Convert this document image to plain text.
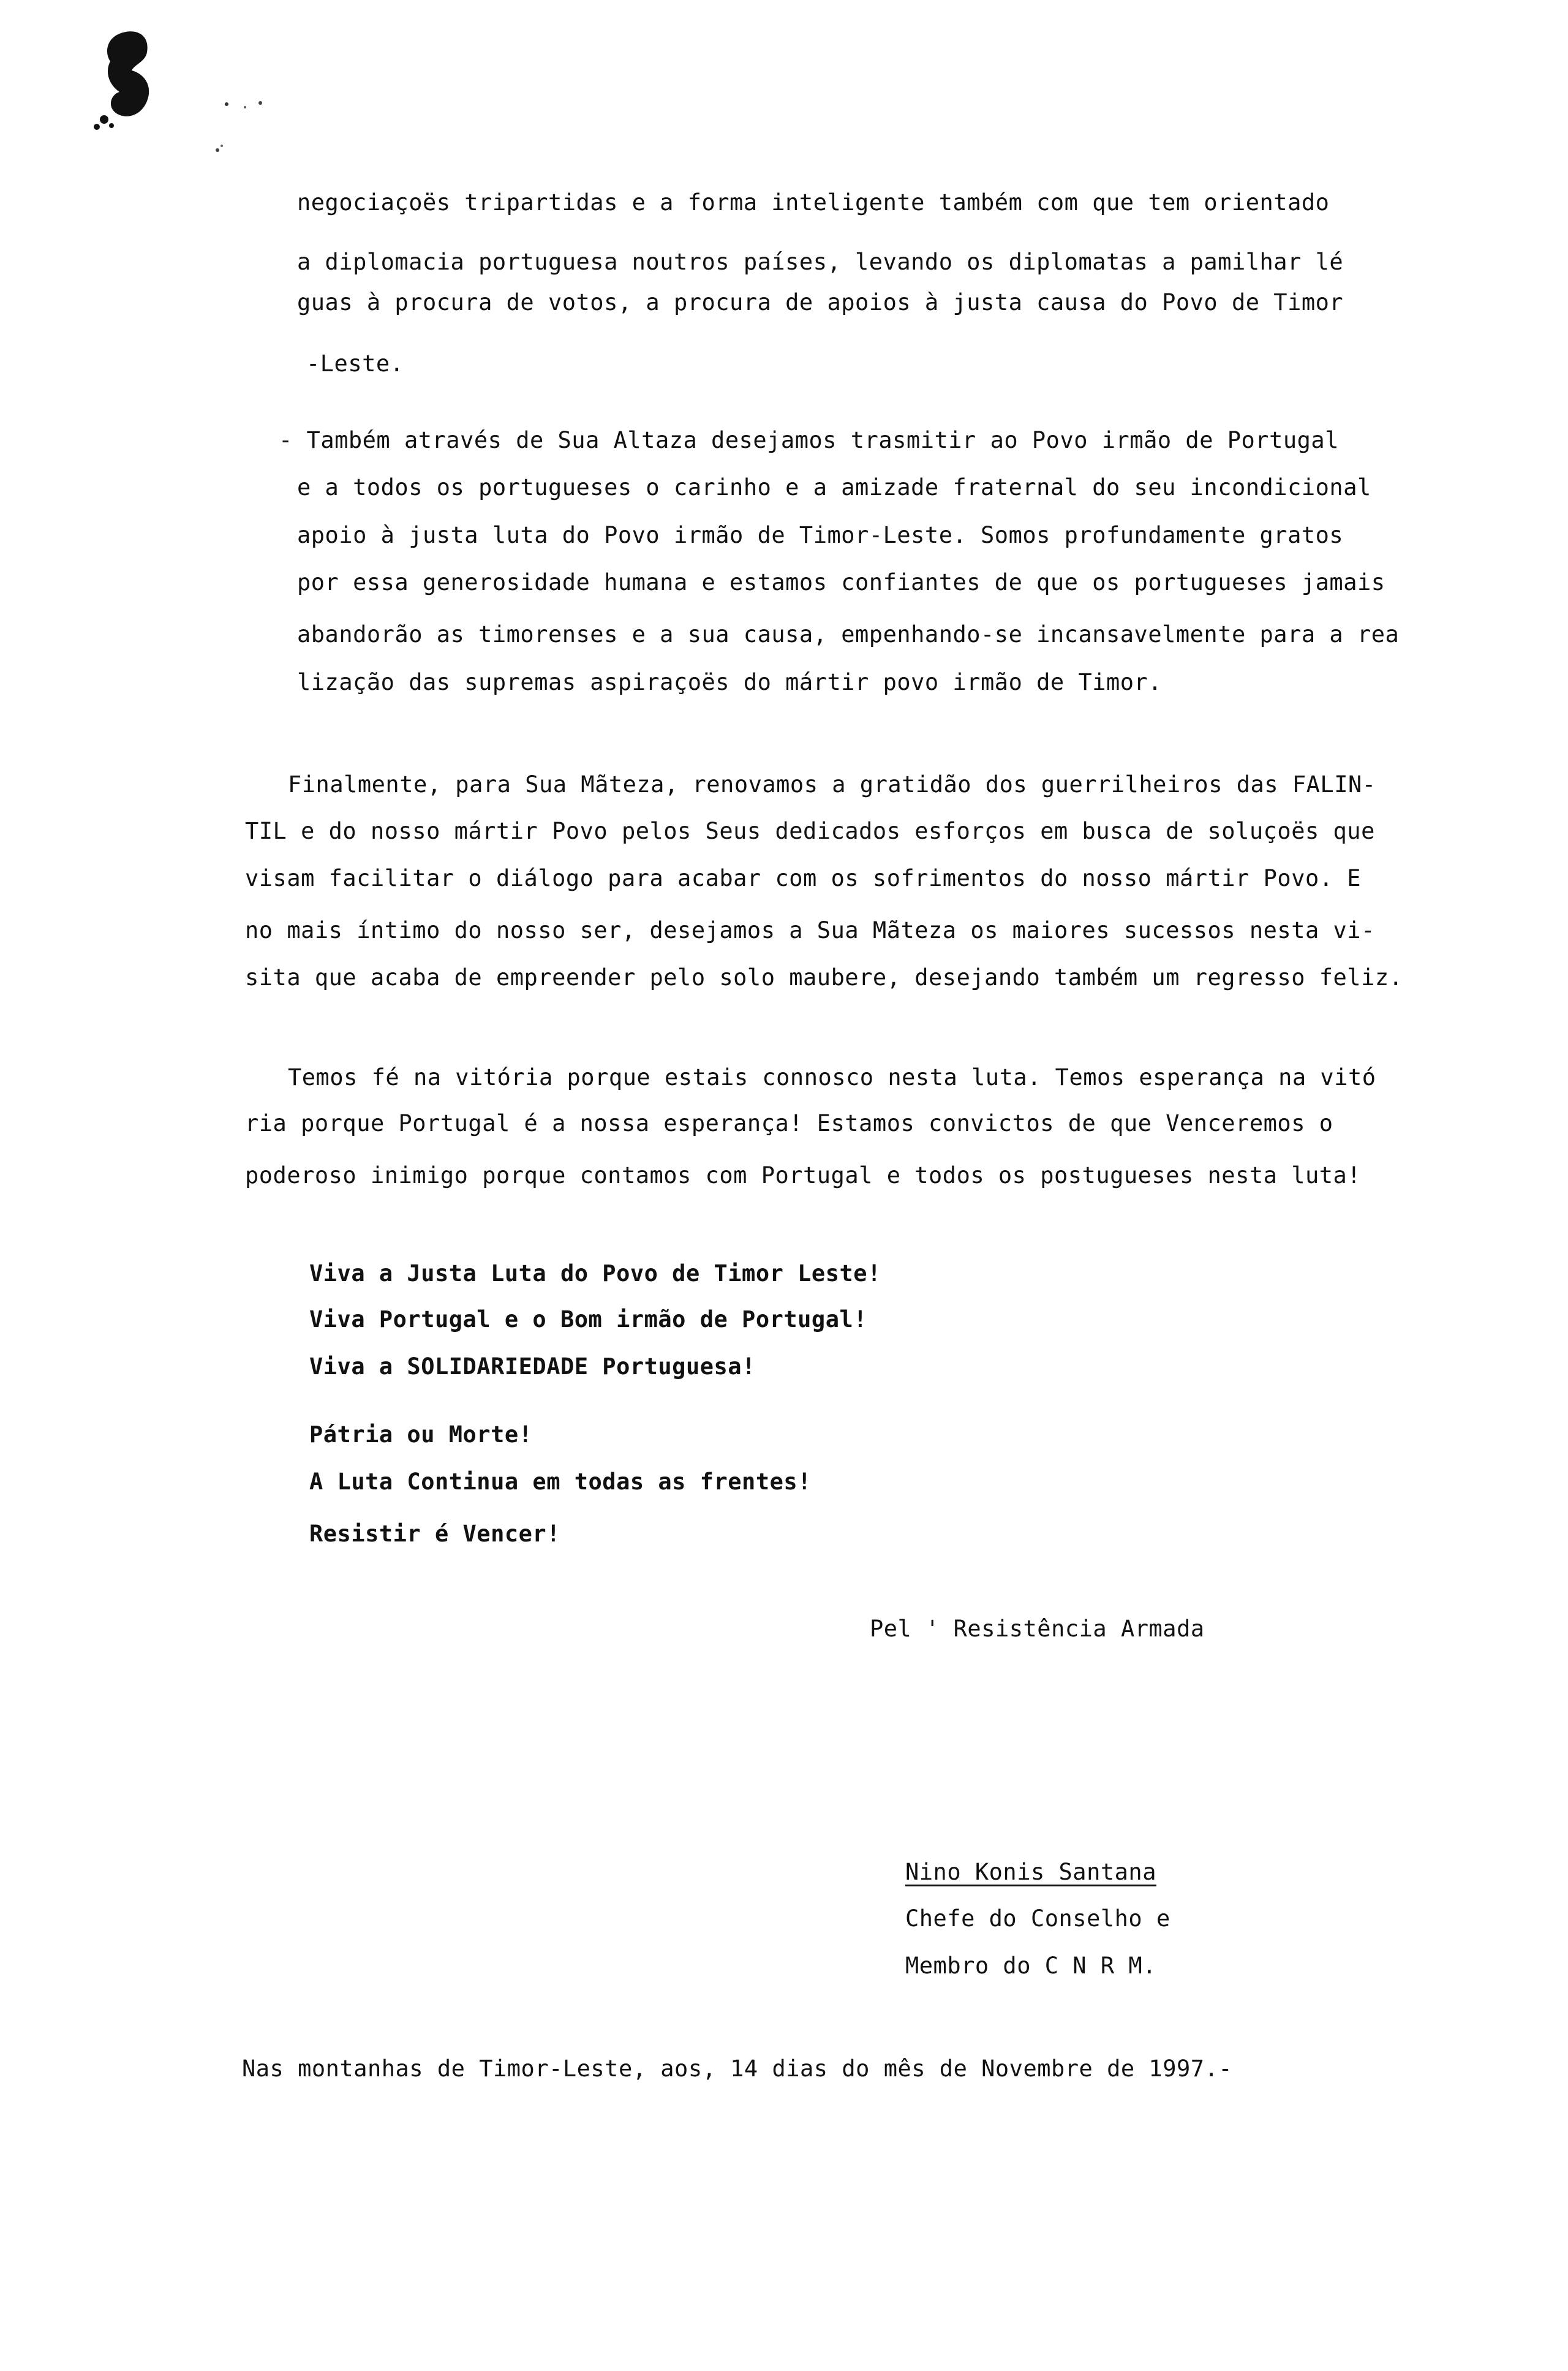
negociaçoës tripartidas e a forma inteligente também com que tem orientado
a diplomacia portuguesa noutros países, levando os diplomatas a pamilhar lé
guas à procura de votos, a procura de apoios à justa causa do Povo de Timor
-Leste.
- Também através de Sua Altaza desejamos trasmitir ao Povo irmão de Portugal
e a todos os portugueses o carinho e a amizade fraternal do seu incondicional
apoio à justa luta do Povo irmão de Timor-Leste. Somos profundamente gratos
por essa generosidade humana e estamos confiantes de que os portugueses jamais
abandorão as timorenses e a sua causa, empenhando-se incansavelmente para a rea
lização das supremas aspiraçoës do mártir povo irmão de Timor.
Finalmente, para Sua Mãteza, renovamos a gratidão dos guerrilheiros das FALIN-
TIL e do nosso mártir Povo pelos Seus dedicados esforços em busca de soluçoës que
visam facilitar o diálogo para acabar com os sofrimentos do nosso mártir Povo. E
no mais íntimo do nosso ser, desejamos a Sua Mãteza os maiores sucessos nesta vi-
sita que acaba de empreender pelo solo maubere, desejando também um regresso feliz.
Temos fé na vitória porque estais connosco nesta luta. Temos esperança na vitó
ria porque Portugal é a nossa esperança! Estamos convictos de que Venceremos o
poderoso inimigo porque contamos com Portugal e todos os postugueses nesta luta!
Viva a Justa Luta do Povo de Timor Leste!
Viva Portugal e o Bom irmão de Portugal!
Viva a SOLIDARIEDADE Portuguesa!
Pátria ou Morte!
A Luta Continua em todas as frentes!
Resistir é Vencer!
Pel ' Resistência Armada
Nino Konis Santana
Chefe do Conselho e
Membro do C N R M.
Nas montanhas de Timor-Leste, aos, 14 dias do mês de Novembre de 1997.-
